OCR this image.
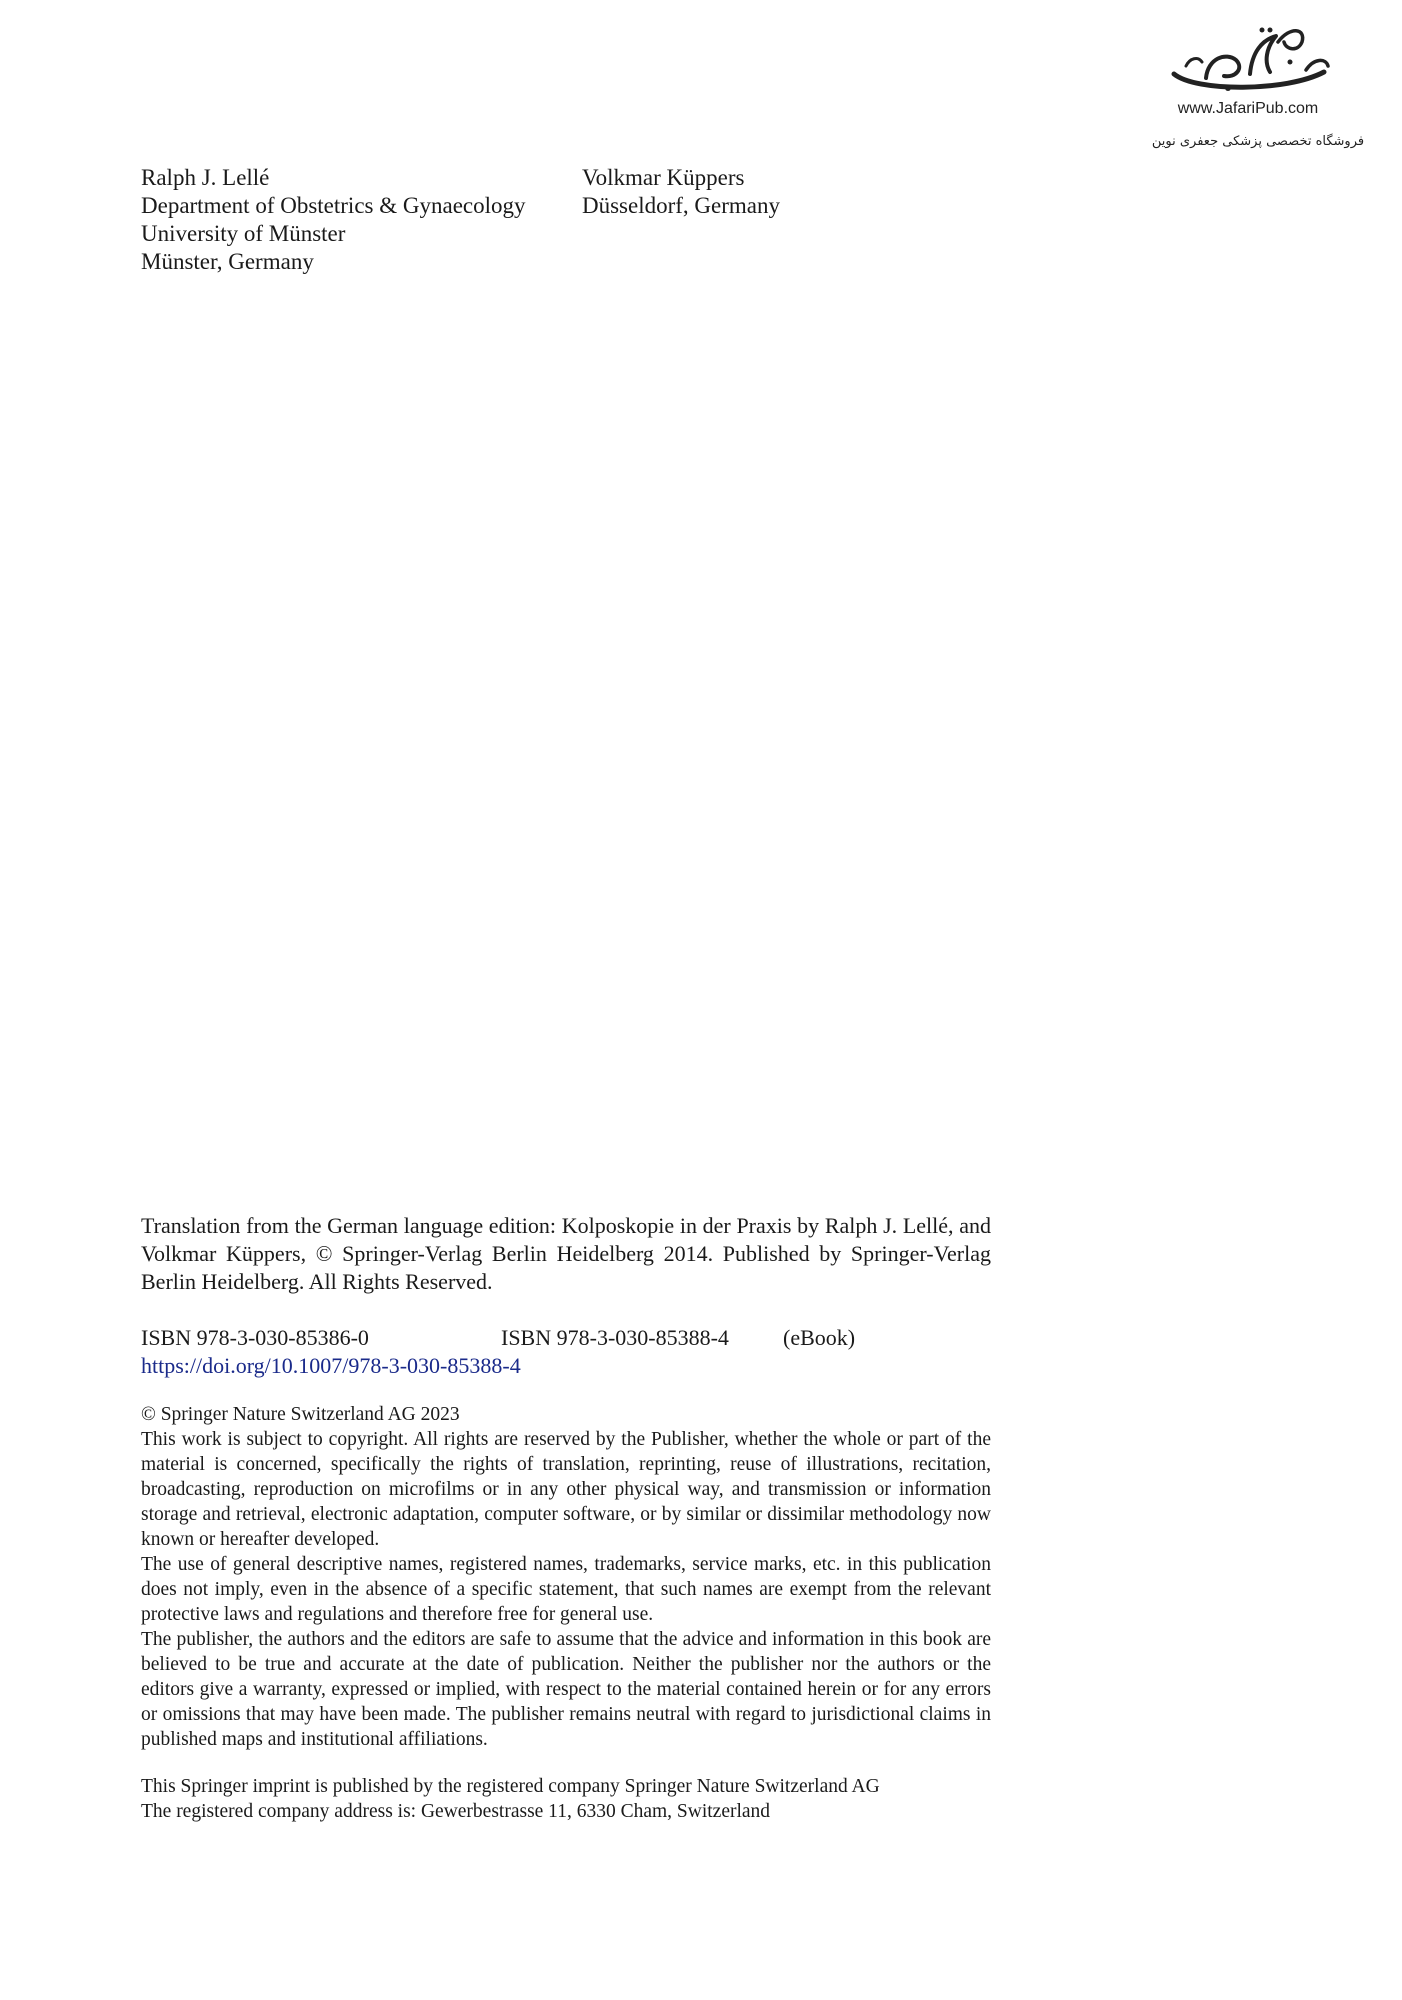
www.JafariPub.com
فروشگاه تخصصی پزشکی جعفری نوین
Ralph J. Lellé
Department of Obstetrics & Gynaecology
University of Münster
Münster, Germany
Volkmar Küppers
Düsseldorf, Germany
Translation from the German language edition: Kolposkopie in der Praxis by Ralph J. Lellé, and Volkmar Küppers, © Springer-Verlag Berlin Heidelberg 2014. Published by Springer-Verlag Berlin Heidelberg. All Rights Reserved.
ISBN 978-3-030-85386-0	ISBN 978-3-030-85388-4 (eBook)
https://doi.org/10.1007/978-3-030-85388-4

© Springer Nature Switzerland AG 2023

This work is subject to copyright. All rights are reserved by the Publisher, whether the whole or part of the material is concerned, specifically the rights of translation, reprinting, reuse of illustrations, recitation, broadcasting, reproduction on microfilms or in any other physical way, and transmission or information storage and retrieval, electronic adaptation, computer software, or by similar or dissimilar methodology now known or hereafter developed.

The use of general descriptive names, registered names, trademarks, service marks, etc. in this publication does not imply, even in the absence of a specific statement, that such names are exempt from the relevant protective laws and regulations and therefore free for general use.

The publisher, the authors and the editors are safe to assume that the advice and information in this book are believed to be true and accurate at the date of publication. Neither the publisher nor the authors or the editors give a warranty, expressed or implied, with respect to the material contained herein or for any errors or omissions that may have been made. The publisher remains neutral with regard to jurisdictional claims in published maps and institutional affiliations.

This Springer imprint is published by the registered company Springer Nature Switzerland AG
The registered company address is: Gewerbestrasse 11, 6330 Cham, Switzerland
